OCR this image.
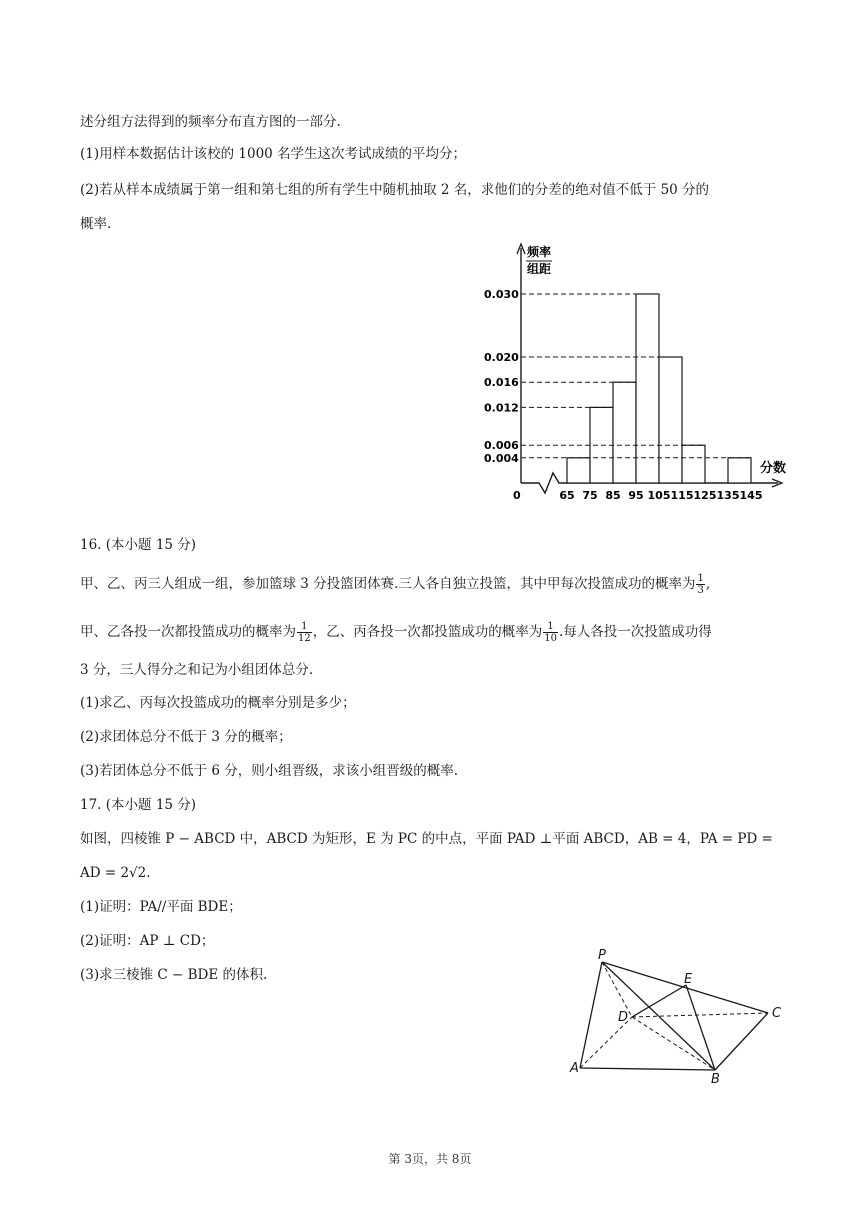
述分组方法得到的频率分布直方图的一部分.
(1)用样本数据估计该校的 1000 名学生这次考试成绩的平均分；
(2)若从样本成绩属于第一组和第七组的所有学生中随机抽取 2 名，求他们的分差的绝对值不低于 50 分的
概率.
频率
组距
分数
0
0.030
0.020
0.016
0.012
0.006
0.004
65 75 85 95 105 115 125 135 145
16. (本小题 15 分)
甲、乙、丙三人组成一组，参加篮球 3 分投篮团体赛.三人各自独立投篮，其中甲每次投篮成功的概率为 $\frac{1}{3}$ ,
甲、乙各投一次都投篮成功的概率为 $\frac{1}{12}$ ，乙、丙各投一次都投篮成功的概率为 $\frac{1}{10}$ .每人各投一次投篮成功得
3 分，三人得分之和记为小组团体总分.
(1)求乙、丙每次投篮成功的概率分别是多少；
(2)求团体总分不低于 3 分的概率；
(3)若团体总分不低于 6 分，则小组晋级，求该小组晋级的概率.
17. (本小题 15 分)
如图，四棱锥 P − ABCD 中，ABCD 为矩形，E 为 PC 的中点，平面 PAD ⊥平面 ABCD，AB = 4，PA = PD =
AD = 2√2.
(1)证明：PA//平面 BDE；
(2)证明：AP ⊥ CD；
(3)求三棱锥 C − BDE 的体积.
P
E
D	C
A
B
第 3页，共 8页
